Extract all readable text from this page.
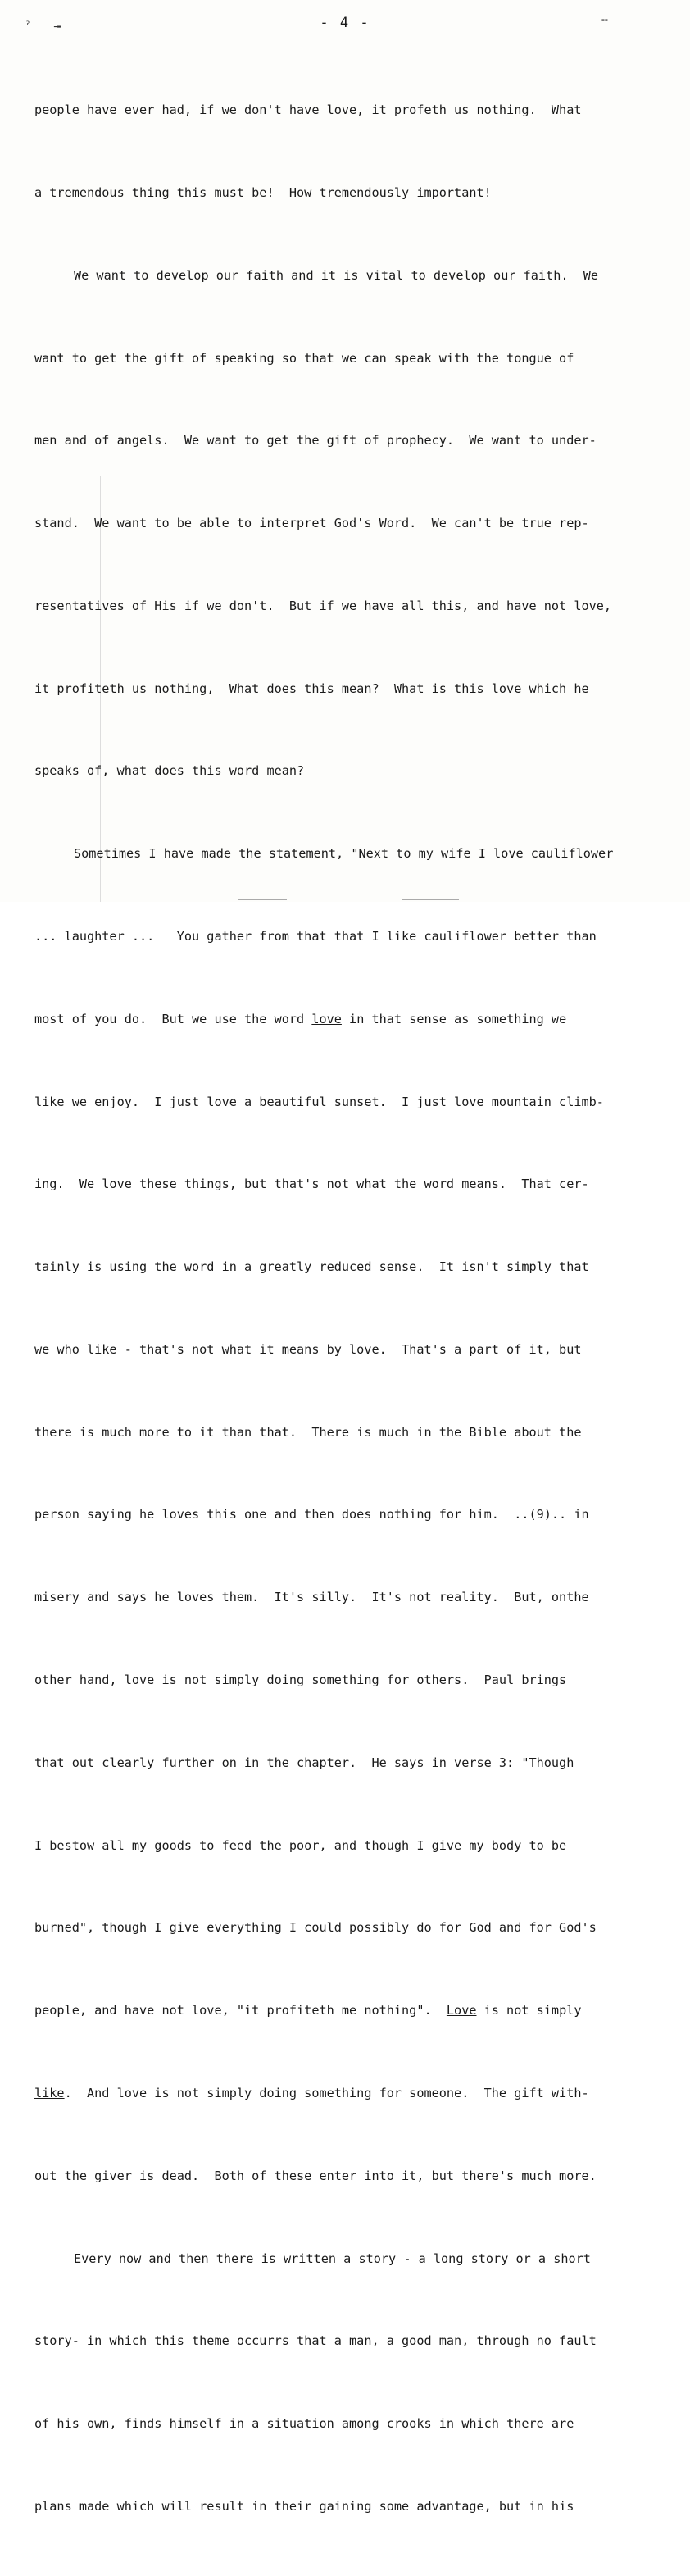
ˀ ╼
╍
- 4 -

people have ever had, if we don't have love, it profeth us nothing.  What

a tremendous thing this must be!  How tremendously important!

We want to develop our faith and it is vital to develop our faith.  We

want to get the gift of speaking so that we can speak with the tongue of

men and of angels.  We want to get the gift of prophecy.  We want to under-

stand.  We want to be able to interpret God's Word.  We can't be true rep-

resentatives of His if we don't.  But if we have all this, and have not love,

it profiteth us nothing,  What does this mean?  What is this love which he

speaks of, what does this word mean?

Sometimes I have made the statement, "Next to my wife I love cauliflower

... laughter ...   You gather from that that I like cauliflower better than

most of you do.  But we use the word love in that sense as something we

like we enjoy.  I just love a beautiful sunset.  I just love mountain climb-

ing.  We love these things, but that's not what the word means.  That cer-

tainly is using the word in a greatly reduced sense.  It isn't simply that

we who like - that's not what it means by love.  That's a part of it, but

there is much more to it than that.  There is much in the Bible about the

person saying he loves this one and then does nothing for him.  ..(9).. in

misery and says he loves them.  It's silly.  It's not reality.  But, onthe

other hand, love is not simply doing something for others.  Paul brings

that out clearly further on in the chapter.  He says in verse 3: "Though

I bestow all my goods to feed the poor, and though I give my body to be

burned", though I give everything I could possibly do for God and for God's

people, and have not love, "it profiteth me nothing".  Love is not simply

like.  And love is not simply doing something for someone.  The gift with-

out the giver is dead.  Both of these enter into it, but there's much more.

Every now and then there is written a story - a long story or a short

story- in which this theme occurrs that a man, a good man, through no fault

of his own, finds himself in a situation among crooks in which there are

plans made which will result in their gaining some advantage, but in his
